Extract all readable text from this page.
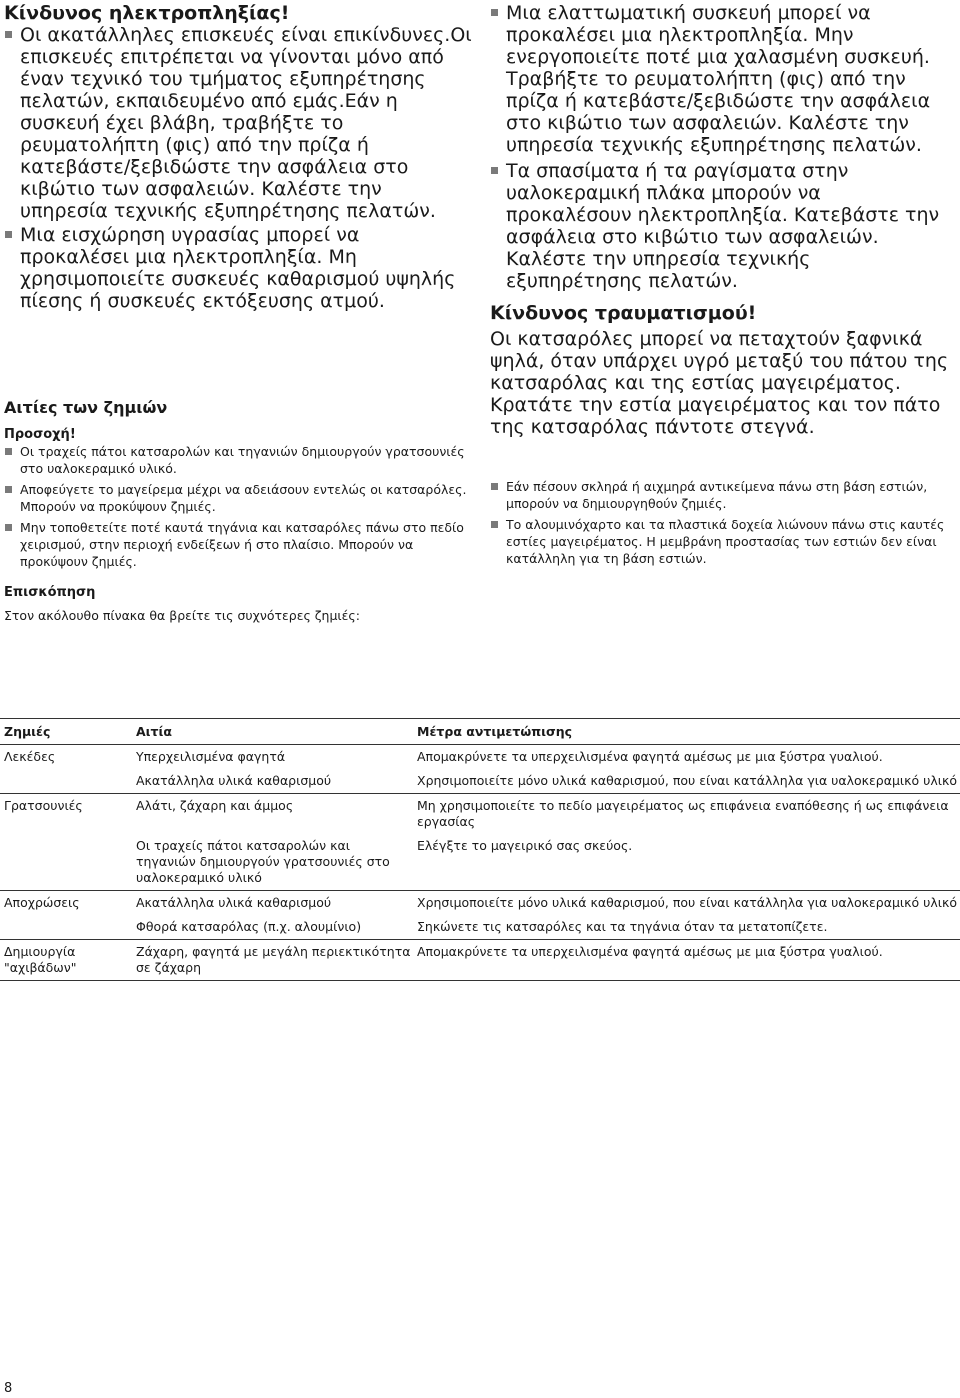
Κίνδυνος ηλεκτροπληξίας!
Οι ακατάλληλες επισκευές είναι επικίνδυνες.Οι επισκευές επιτρέπεται να γίνονται μόνο από έναν τεχνικό του τμήματος εξυπηρέτησης πελατών, εκπαιδευμένο από εμάς.Εάν η συσκευή έχει βλάβη, τραβήξτε το ρευματολήπτη (φις) από την πρίζα ή κατεβάστε/ξεβιδώστε την ασφάλεια στο κιβώτιο των ασφαλειών. Καλέστε την υπηρεσία τεχνικής εξυπηρέτησης πελατών.
Μια εισχώρηση υγρασίας μπορεί να προκαλέσει μια ηλεκτροπληξία. Μη χρησιμοποιείτε συσκευές καθαρισμού υψηλής πίεσης ή συσκευές εκτόξευσης ατμού.
Αιτίες των ζημιών
Προσοχή!
Οι τραχείς πάτοι κατσαρολών και τηγανιών δημιουργούν γρατσουνιές στο υαλοκεραμικό υλικό.
Αποφεύγετε το μαγείρεμα μέχρι να αδειάσουν εντελώς οι κατσαρόλες. Μπορούν να προκύψουν ζημιές.
Μην τοποθετείτε ποτέ καυτά τηγάνια και κατσαρόλες πάνω στο πεδίο χειρισμού, στην περιοχή ενδείξεων ή στο πλαίσιο. Μπορούν να προκύψουν ζημιές.
Επισκόπηση
Στον ακόλουθο πίνακα θα βρείτε τις συχνότερες ζημιές:
Μια ελαττωματική συσκευή μπορεί να προκαλέσει μια ηλεκτροπληξία. Μην ενεργοποιείτε ποτέ μια χαλασμένη συσκευή. Τραβήξτε το ρευματολήπτη (φις) από την πρίζα ή κατεβάστε/ξεβιδώστε την ασφάλεια στο κιβώτιο των ασφαλειών. Καλέστε την υπηρεσία τεχνικής εξυπηρέτησης πελατών.
Τα σπασίματα ή τα ραγίσματα στην υαλοκεραμική πλάκα μπορούν να προκαλέσουν ηλεκτροπληξία. Κατεβάστε την ασφάλεια στο κιβώτιο των ασφαλειών. Καλέστε την υπηρεσία τεχνικής εξυπηρέτησης πελατών.
Κίνδυνος τραυματισμού!
Οι κατσαρόλες μπορεί να πεταχτούν ξαφνικά ψηλά, όταν υπάρχει υγρό μεταξύ του πάτου της κατσαρόλας και της εστίας μαγειρέματος. Κρατάτε την εστία μαγειρέματος και τον πάτο της κατσαρόλας πάντοτε στεγνά.
Εάν πέσουν σκληρά ή αιχμηρά αντικείμενα πάνω στη βάση εστιών, μπορούν να δημιουργηθούν ζημιές.
Το αλουμινόχαρτο και τα πλαστικά δοχεία λιώνουν πάνω στις καυτές εστίες μαγειρέματος. Η μεμβράνη προστασίας των εστιών δεν είναι κατάλληλη για τη βάση εστιών.
Ζημιές	Αιτία	Μέτρα αντιμετώπισης
Λεκέδες	Υπερχειλισμένα φαγητά	Απομακρύνετε τα υπερχειλισμένα φαγητά αμέσως με μια ξύστρα γυαλιού.
	Ακατάλληλα υλικά καθαρισμού	Χρησιμοποιείτε μόνο υλικά καθαρισμού, που είναι κατάλληλα για υαλοκεραμικό υλικό
Γρατσουνιές	Αλάτι, ζάχαρη και άμμος	Μη χρησιμοποιείτε το πεδίο μαγειρέματος ως επιφάνεια εναπόθεσης ή ως επιφάνεια εργασίας
	Οι τραχείς πάτοι κατσαρολών και τηγανιών δημιουργούν γρατσουνιές στο υαλοκεραμικό υλικό	Ελέγξτε το μαγειρικό σας σκεύος.
Αποχρώσεις	Ακατάλληλα υλικά καθαρισμού	Χρησιμοποιείτε μόνο υλικά καθαρισμού, που είναι κατάλληλα για υαλοκεραμικό υλικό
	Φθορά κατσαρόλας (π.χ. αλουμίνιο)	Σηκώνετε τις κατσαρόλες και τα τηγάνια όταν τα μετατοπίζετε.
Δημιουργία "αχιβάδων"	Ζάχαρη, φαγητά με μεγάλη περιεκτικότητα σε ζάχαρη	Απομακρύνετε τα υπερχειλισμένα φαγητά αμέσως με μια ξύστρα γυαλιού.
8
